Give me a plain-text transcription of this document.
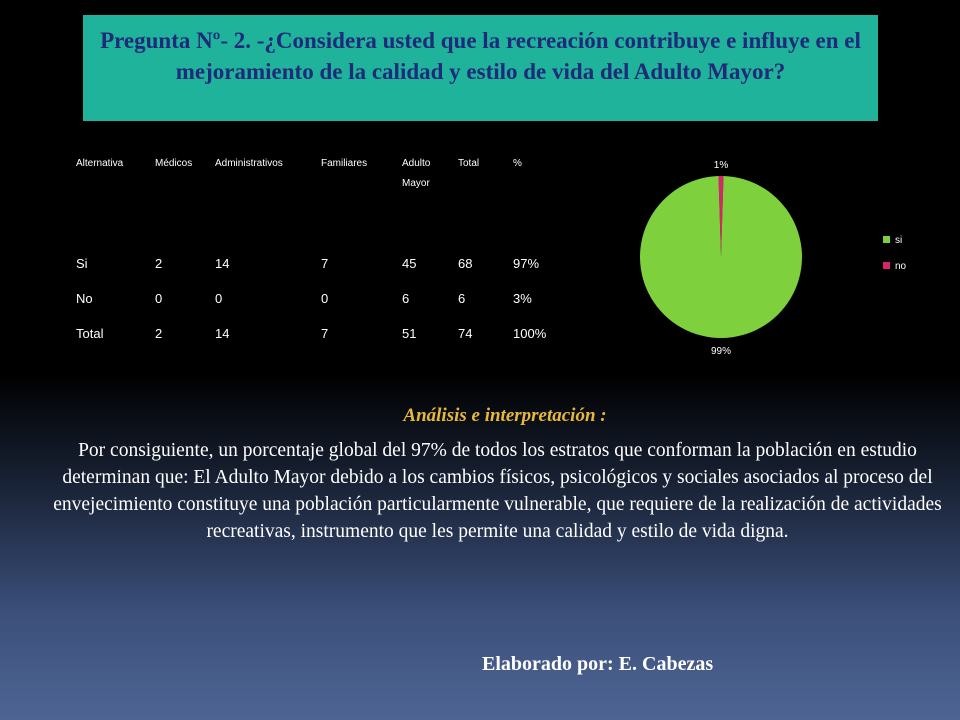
Pregunta Nº- 2. -¿Considera usted que la recreación contribuye e influye en el mejoramiento de la calidad y estilo de vida del Adulto Mayor?
Alternativa	Médicos	Administrativos	Familiares	Adulto Mayor	Total	%
Si	2	14	7	45	68	97%
No	0	0	0	6	6	3%
Total	2	14	7	51	74	100%
99%
1%
si
no
Análisis e interpretación :
Por consiguiente, un porcentaje global del 97% de todos los estratos que conforman la población en estudio determinan que: El Adulto Mayor debido a los cambios físicos, psicológicos y sociales asociados al proceso del envejecimiento constituye una población particularmente vulnerable, que requiere de la realización de actividades recreativas, instrumento que les permite una calidad y estilo de vida digna.
Elaborado por: E. Cabezas
